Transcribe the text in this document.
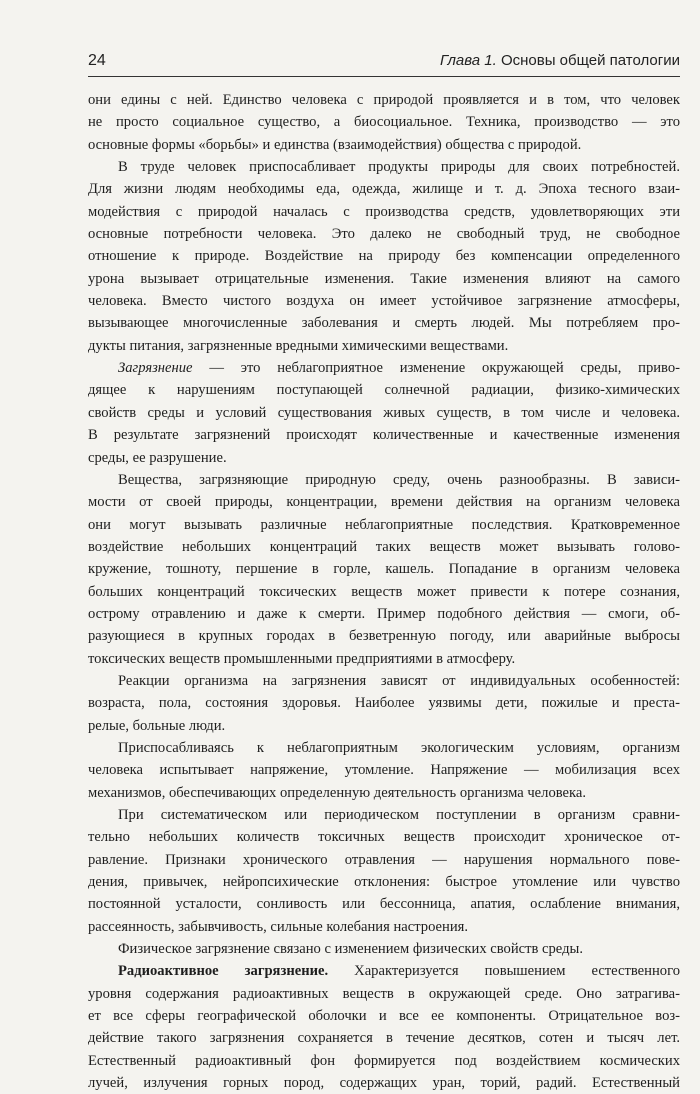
24	Глава 1. Основы общей патологии
они едины с ней. Единство человека с природой проявляется и в том, что человек
не просто социальное существо, а биосоциальное. Техника, производство — это
основные формы «борьбы» и единства (взаимодействия) общества с природой.
В труде человек приспосабливает продукты природы для своих потребностей.
Для жизни людям необходимы еда, одежда, жилище и т. д. Эпоха тесного взаи-
модействия с природой началась с производства средств, удовлетворяющих эти
основные потребности человека. Это далеко не свободный труд, не свободное
отношение к природе. Воздействие на природу без компенсации определенного
урона вызывает отрицательные изменения. Такие изменения влияют на самого
человека. Вместо чистого воздуха он имеет устойчивое загрязнение атмосферы,
вызывающее многочисленные заболевания и смерть людей. Мы потребляем про-
дукты питания, загрязненные вредными химическими веществами.
Загрязнение — это неблагоприятное изменение окружающей среды, приво-
дящее к нарушениям поступающей солнечной радиации, физико-химических
свойств среды и условий существования живых существ, в том числе и человека.
В результате загрязнений происходят количественные и качественные изменения
среды, ее разрушение.
Вещества, загрязняющие природную среду, очень разнообразны. В зависи-
мости от своей природы, концентрации, времени действия на организм человека
они могут вызывать различные неблагоприятные последствия. Кратковременное
воздействие небольших концентраций таких веществ может вызывать голово-
кружение, тошноту, першение в горле, кашель. Попадание в организм человека
больших концентраций токсических веществ может привести к потере сознания,
острому отравлению и даже к смерти. Пример подобного действия — смоги, об-
разующиеся в крупных городах в безветренную погоду, или аварийные выбросы
токсических веществ промышленными предприятиями в атмосферу.
Реакции организма на загрязнения зависят от индивидуальных особенностей:
возраста, пола, состояния здоровья. Наиболее уязвимы дети, пожилые и преста-
релые, больные люди.
Приспосабливаясь к неблагоприятным экологическим условиям, организм
человека испытывает напряжение, утомление. Напряжение — мобилизация всех
механизмов, обеспечивающих определенную деятельность организма человека.
При систематическом или периодическом поступлении в организм сравни-
тельно небольших количеств токсичных веществ происходит хроническое от-
равление. Признаки хронического отравления — нарушения нормального пове-
дения, привычек, нейропсихические отклонения: быстрое утомление или чувство
постоянной усталости, сонливость или бессонница, апатия, ослабление внимания,
рассеянность, забывчивость, сильные колебания настроения.
Физическое загрязнение связано с изменением физических свойств среды.
Радиоактивное загрязнение. Характеризуется повышением естественного
уровня содержания радиоактивных веществ в окружающей среде. Оно затрагива-
ет все сферы географической оболочки и все ее компоненты. Отрицательное воз-
действие такого загрязнения сохраняется в течение десятков, сотен и тысяч лет.
Естественный радиоактивный фон формируется под воздействием космических
лучей, излучения горных пород, содержащих уран, торий, радий. Естественный
